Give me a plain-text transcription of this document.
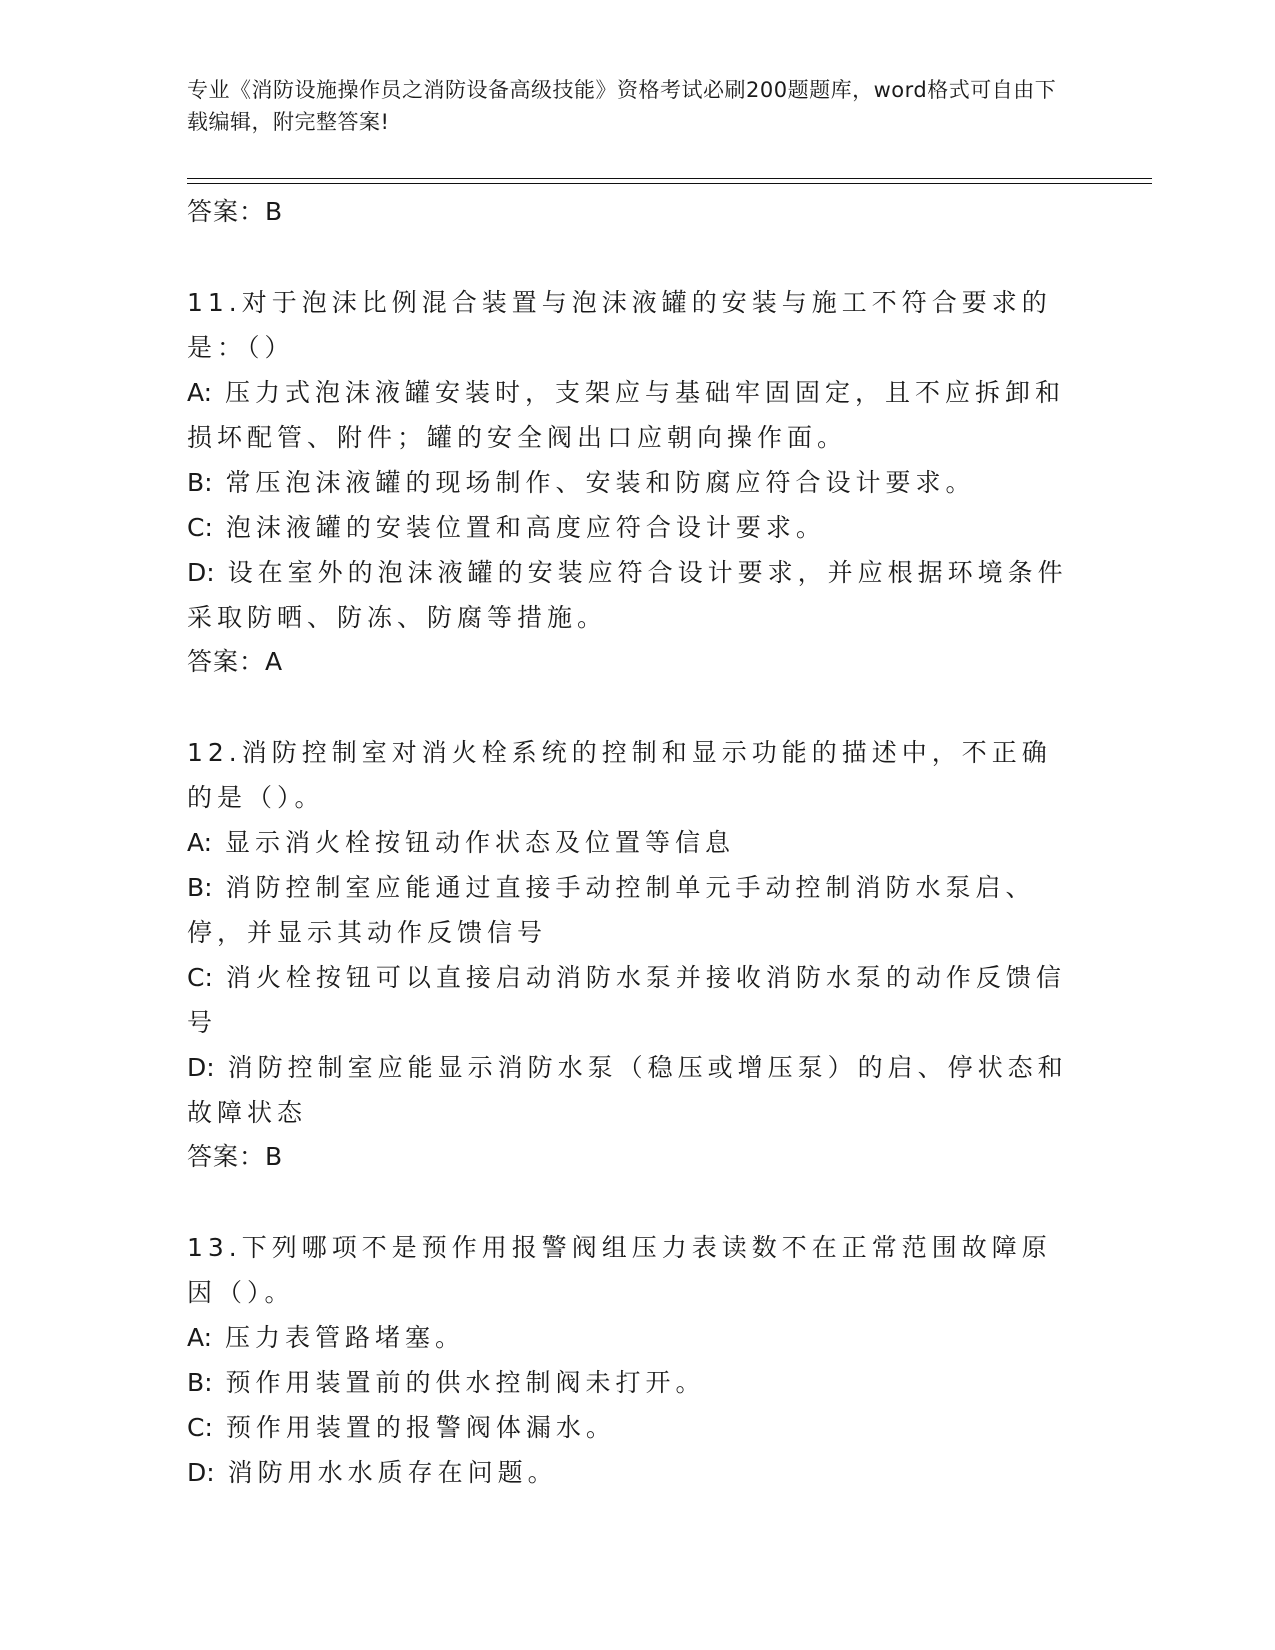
专业《消防设施操作员之消防设备高级技能》资格考试必刷200题题库，word格式可自由下载编辑，附完整答案!
答案：B
11.对于泡沫比例混合装置与泡沫液罐的安装与施工不符合要求的是：（）
A: 压力式泡沫液罐安装时，支架应与基础牢固固定，且不应拆卸和损坏配管、附件；罐的安全阀出口应朝向操作面。
B: 常压泡沫液罐的现场制作、安装和防腐应符合设计要求。
C: 泡沫液罐的安装位置和高度应符合设计要求。
D: 设在室外的泡沫液罐的安装应符合设计要求，并应根据环境条件采取防晒、防冻、防腐等措施。
答案：A
12.消防控制室对消火栓系统的控制和显示功能的描述中，不正确的是（）。
A: 显示消火栓按钮动作状态及位置等信息
B: 消防控制室应能通过直接手动控制单元手动控制消防水泵启、停，并显示其动作反馈信号
C: 消火栓按钮可以直接启动消防水泵并接收消防水泵的动作反馈信号
D: 消防控制室应能显示消防水泵（稳压或增压泵）的启、停状态和故障状态
答案：B
13.下列哪项不是预作用报警阀组压力表读数不在正常范围故障原因（）。
A: 压力表管路堵塞。
B: 预作用装置前的供水控制阀未打开。
C: 预作用装置的报警阀体漏水。
D: 消防用水水质存在问题。
